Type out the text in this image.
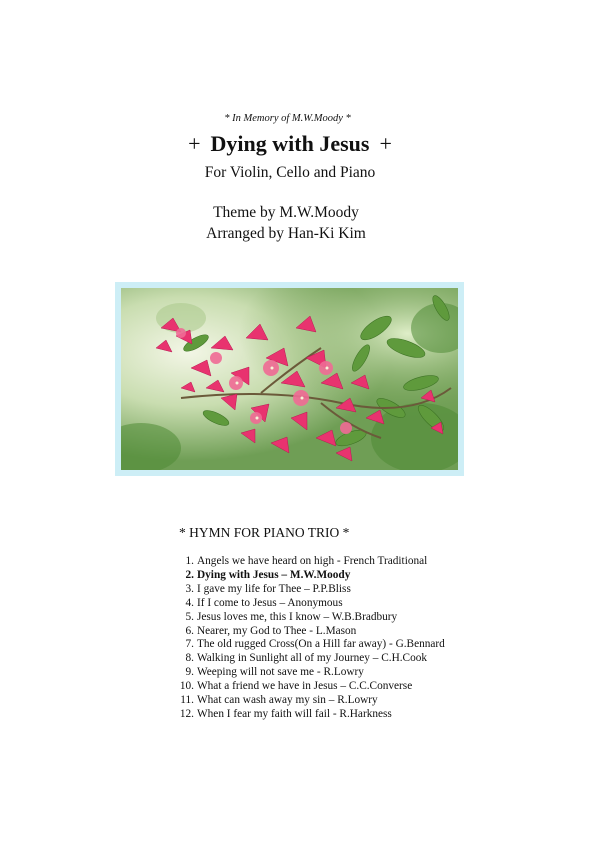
* In Memory of M.W.Moody *
+ Dying with Jesus +
For Violin, Cello and Piano
Theme by M.W.Moody
Arranged by Han-Ki Kim
* HYMN FOR PIANO TRIO *
1. Angels we have heard on high - French Traditional
2. Dying with Jesus – M.W.Moody
3. I gave my life for Thee – P.P.Bliss
4. If I come to Jesus – Anonymous
5. Jesus loves me, this I know – W.B.Bradbury
6. Nearer, my God to Thee - L.Mason
7. The old rugged Cross(On a Hill far away) - G.Bennard
8. Walking in Sunlight all of my Journey – C.H.Cook
9. Weeping will not save me - R.Lowry
10. What a friend we have in Jesus – C.C.Converse
11. What can wash away my sin – R.Lowry
12. When I fear my faith will fail - R.Harkness
